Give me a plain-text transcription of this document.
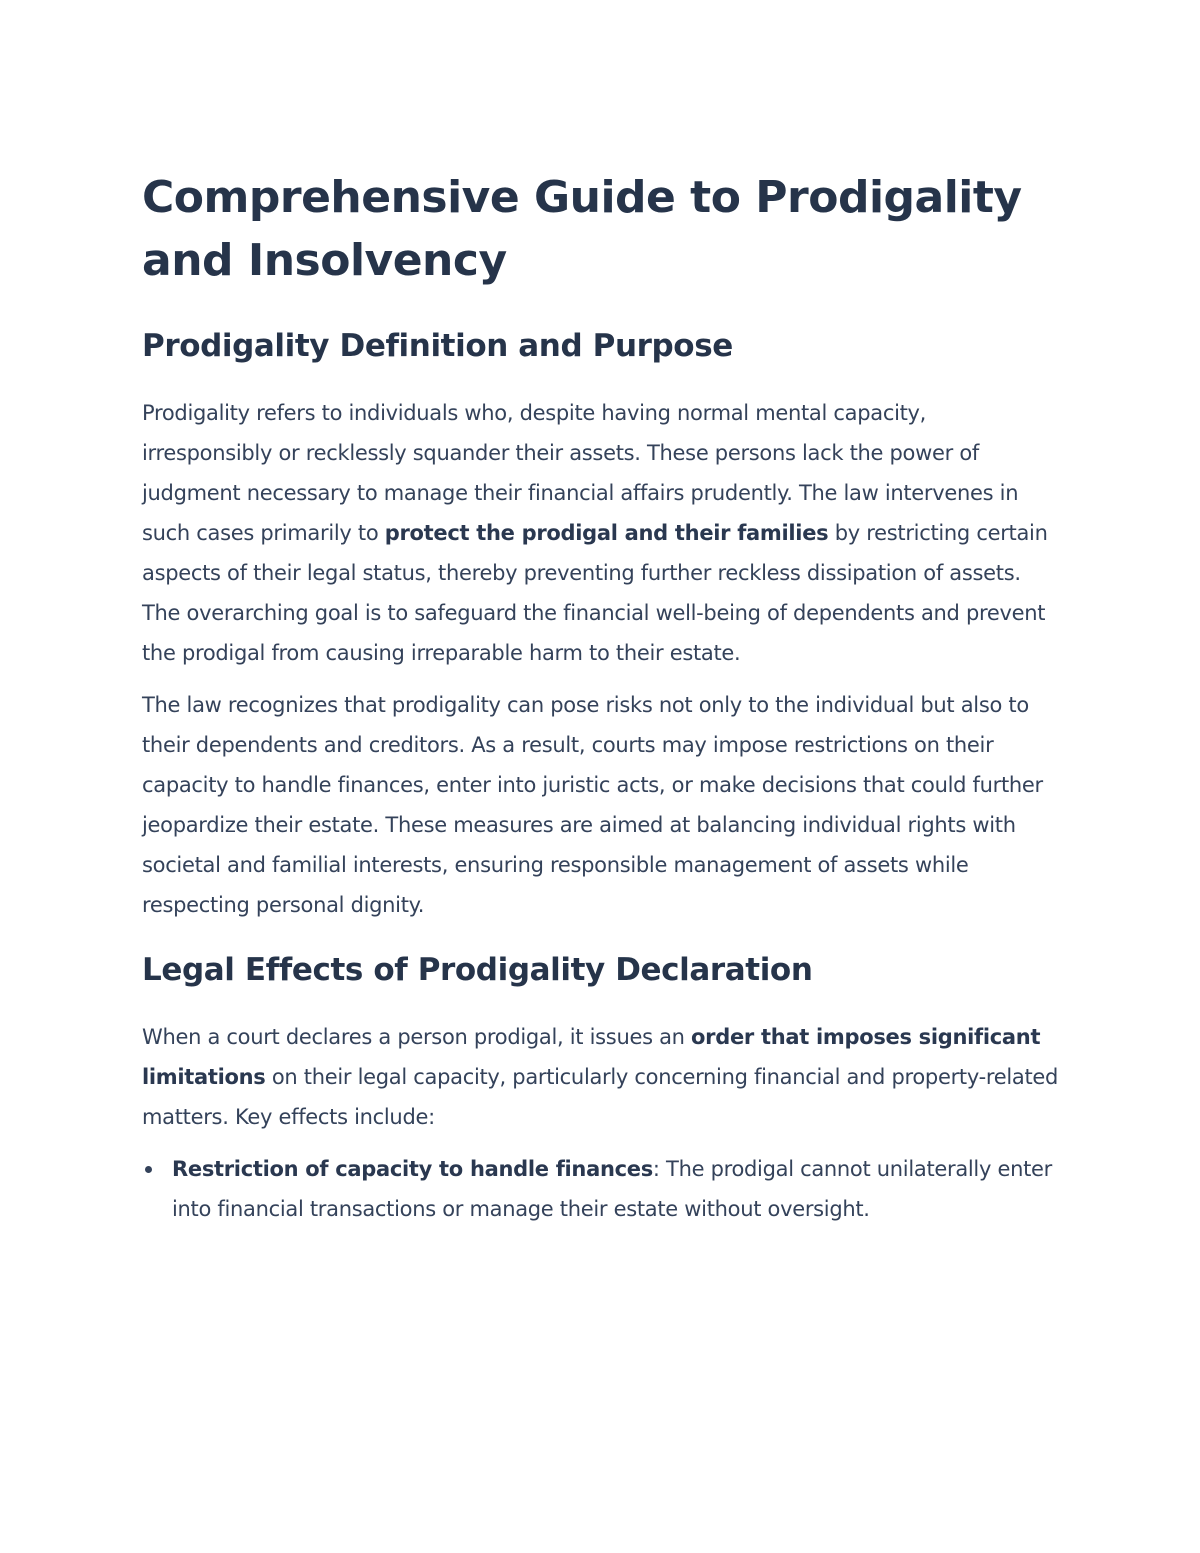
Comprehensive Guide to Prodigality and Insolvency
Prodigality Definition and Purpose

Prodigality refers to individuals who, despite having normal mental capacity, irresponsibly or recklessly squander their assets. These persons lack the power of judgment necessary to manage their financial affairs prudently. The law intervenes in such cases primarily to protect the prodigal and their families by restricting certain aspects of their legal status, thereby preventing further reckless dissipation of assets. The overarching goal is to safeguard the financial well-being of dependents and prevent the prodigal from causing irreparable harm to their estate.

The law recognizes that prodigality can pose risks not only to the individual but also to their dependents and creditors. As a result, courts may impose restrictions on their capacity to handle finances, enter into juristic acts, or make decisions that could further jeopardize their estate. These measures are aimed at balancing individual rights with societal and familial interests, ensuring responsible management of assets while respecting personal dignity.

Legal Effects of Prodigality Declaration

When a court declares a person prodigal, it issues an order that imposes significant limitations on their legal capacity, particularly concerning financial and property-related matters. Key effects include:

Restriction of capacity to handle finances: The prodigal cannot unilaterally enter into financial transactions or manage their estate without oversight.
